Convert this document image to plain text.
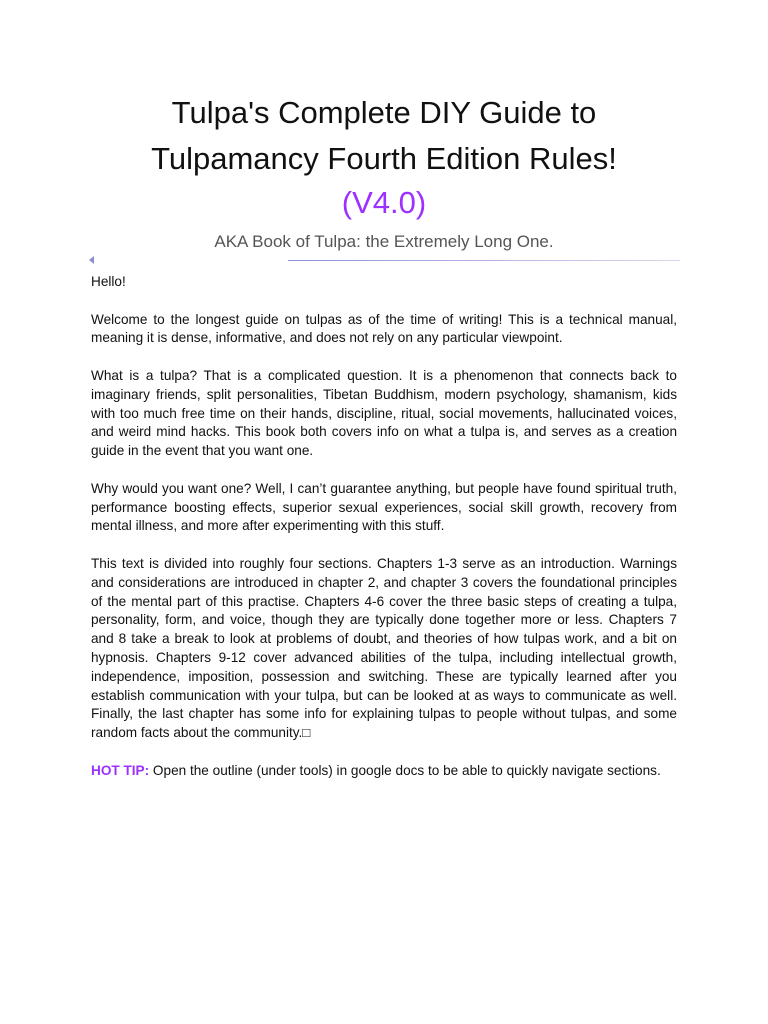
Tulpa's Complete DIY Guide to
Tulpamancy Fourth Edition Rules!
(V4.0)
AKA Book of Tulpa: the Extremely Long One.

Hello!

Welcome to the longest guide on tulpas as of the time of writing! This is a technical manual, meaning it is dense, informative, and does not rely on any particular viewpoint.

What is a tulpa? That is a complicated question. It is a phenomenon that connects back to imaginary friends, split personalities, Tibetan Buddhism, modern psychology, shamanism, kids with too much free time on their hands, discipline, ritual, social movements, hallucinated voices, and weird mind hacks. This book both covers info on what a tulpa is, and serves as a creation guide in the event that you want one.

Why would you want one? Well, I can’t guarantee anything, but people have found spiritual truth, performance boosting effects, superior sexual experiences, social skill growth, recovery from mental illness, and more after experimenting with this stuff.

This text is divided into roughly four sections. Chapters 1-3 serve as an introduction. Warnings and considerations are introduced in chapter 2, and chapter 3 covers the foundational principles of the mental part of this practise. Chapters 4-6 cover the three basic steps of creating a tulpa, personality, form, and voice, though they are typically done together more or less. Chapters 7 and 8 take a break to look at problems of doubt, and theories of how tulpas work, and a bit on hypnosis. Chapters 9-12 cover advanced abilities of the tulpa, including intellectual growth, independence, imposition, possession and switching. These are typically learned after you establish communication with your tulpa, but can be looked at as ways to communicate as well. Finally, the last chapter has some info for explaining tulpas to people without tulpas, and some random facts about the community.□

HOT TIP: Open the outline (under tools) in google docs to be able to quickly navigate sections.
